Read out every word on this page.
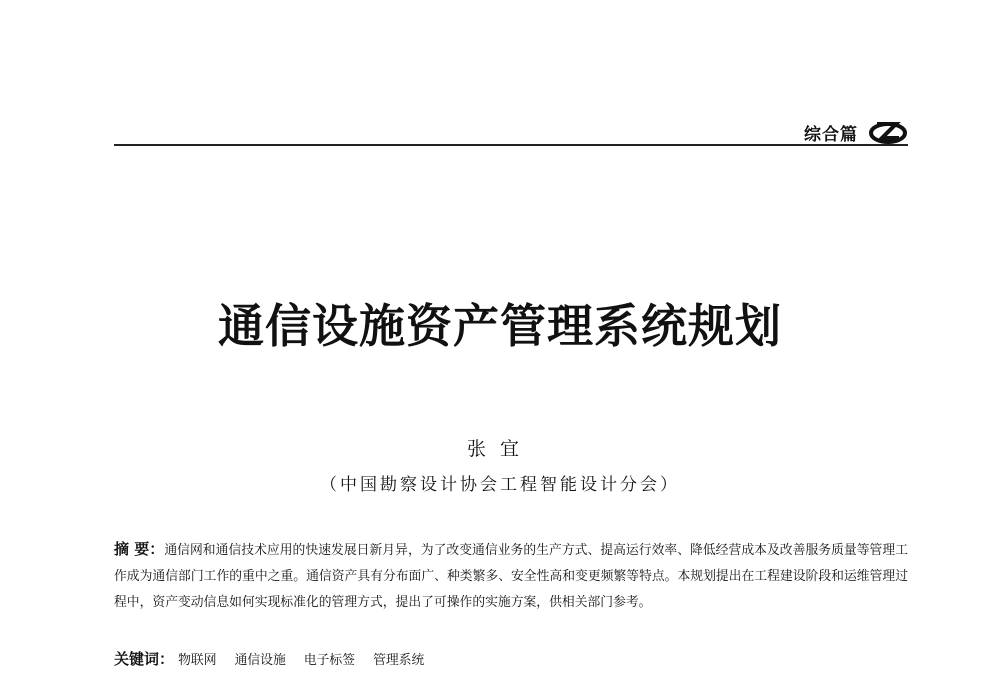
综合篇
通信设施资产管理系统规划
张宜
（中国勘察设计协会工程智能设计分会）
摘 要：通信网和通信技术应用的快速发展日新月异，为了改变通信业务的生产方式、提高运行效率、降低经营成本及改善服务质量等管理工作成为通信部门工作的重中之重。通信资产具有分布面广、种类繁多、安全性高和变更频繁等特点。本规划提出在工程建设阶段和运维管理过程中，资产变动信息如何实现标准化的管理方式，提出了可操作的实施方案，供相关部门参考。
关键词： 物联网 通信设施 电子标签 管理系统
